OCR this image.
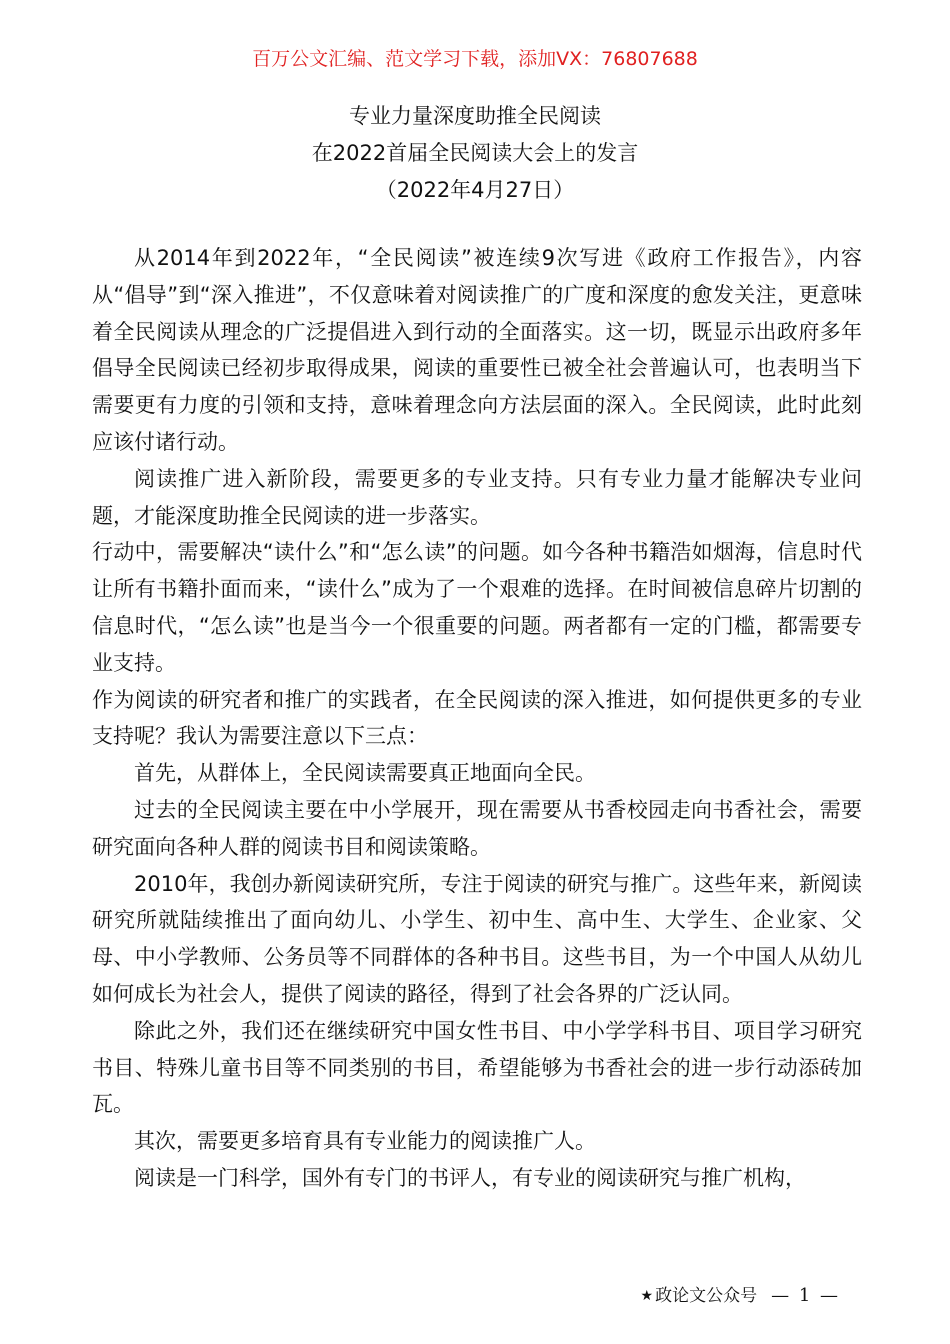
百万公文汇编、范文学习下载，添加VX：76807688
专业力量深度助推全民阅读
在2022首届全民阅读大会上的发言
（2022年4月27日）

从2014年到2022年，“全民阅读”被连续9次写进《政府工作报告》，内容从“倡导”到“深入推进”，不仅意味着对阅读推广的广度和深度的愈发关注，更意味着全民阅读从理念的广泛提倡进入到行动的全面落实。这一切，既显示出政府多年倡导全民阅读已经初步取得成果，阅读的重要性已被全社会普遍认可，也表明当下需要更有力度的引领和支持，意味着理念向方法层面的深入。全民阅读，此时此刻应该付诸行动。

阅读推广进入新阶段，需要更多的专业支持。只有专业力量才能解决专业问题，才能深度助推全民阅读的进一步落实。

行动中，需要解决“读什么”和“怎么读”的问题。如今各种书籍浩如烟海，信息时代让所有书籍扑面而来，“读什么”成为了一个艰难的选择。在时间被信息碎片切割的信息时代，“怎么读”也是当今一个很重要的问题。两者都有一定的门槛，都需要专业支持。

作为阅读的研究者和推广的实践者，在全民阅读的深入推进，如何提供更多的专业支持呢？我认为需要注意以下三点：

首先，从群体上，全民阅读需要真正地面向全民。

过去的全民阅读主要在中小学展开，现在需要从书香校园走向书香社会，需要研究面向各种人群的阅读书目和阅读策略。

2010年，我创办新阅读研究所，专注于阅读的研究与推广。这些年来，新阅读研究所就陆续推出了面向幼儿、小学生、初中生、高中生、大学生、企业家、父母、中小学教师、公务员等不同群体的各种书目。这些书目，为一个中国人从幼儿如何成长为社会人，提供了阅读的路径，得到了社会各界的广泛认同。

除此之外，我们还在继续研究中国女性书目、中小学学科书目、项目学习研究书目、特殊儿童书目等不同类别的书目，希望能够为书香社会的进一步行动添砖加瓦。

其次，需要更多培育具有专业能力的阅读推广人。

阅读是一门科学，国外有专门的书评人，有专业的阅读研究与推广机构，

★ 政论文公众号 — 1 —
